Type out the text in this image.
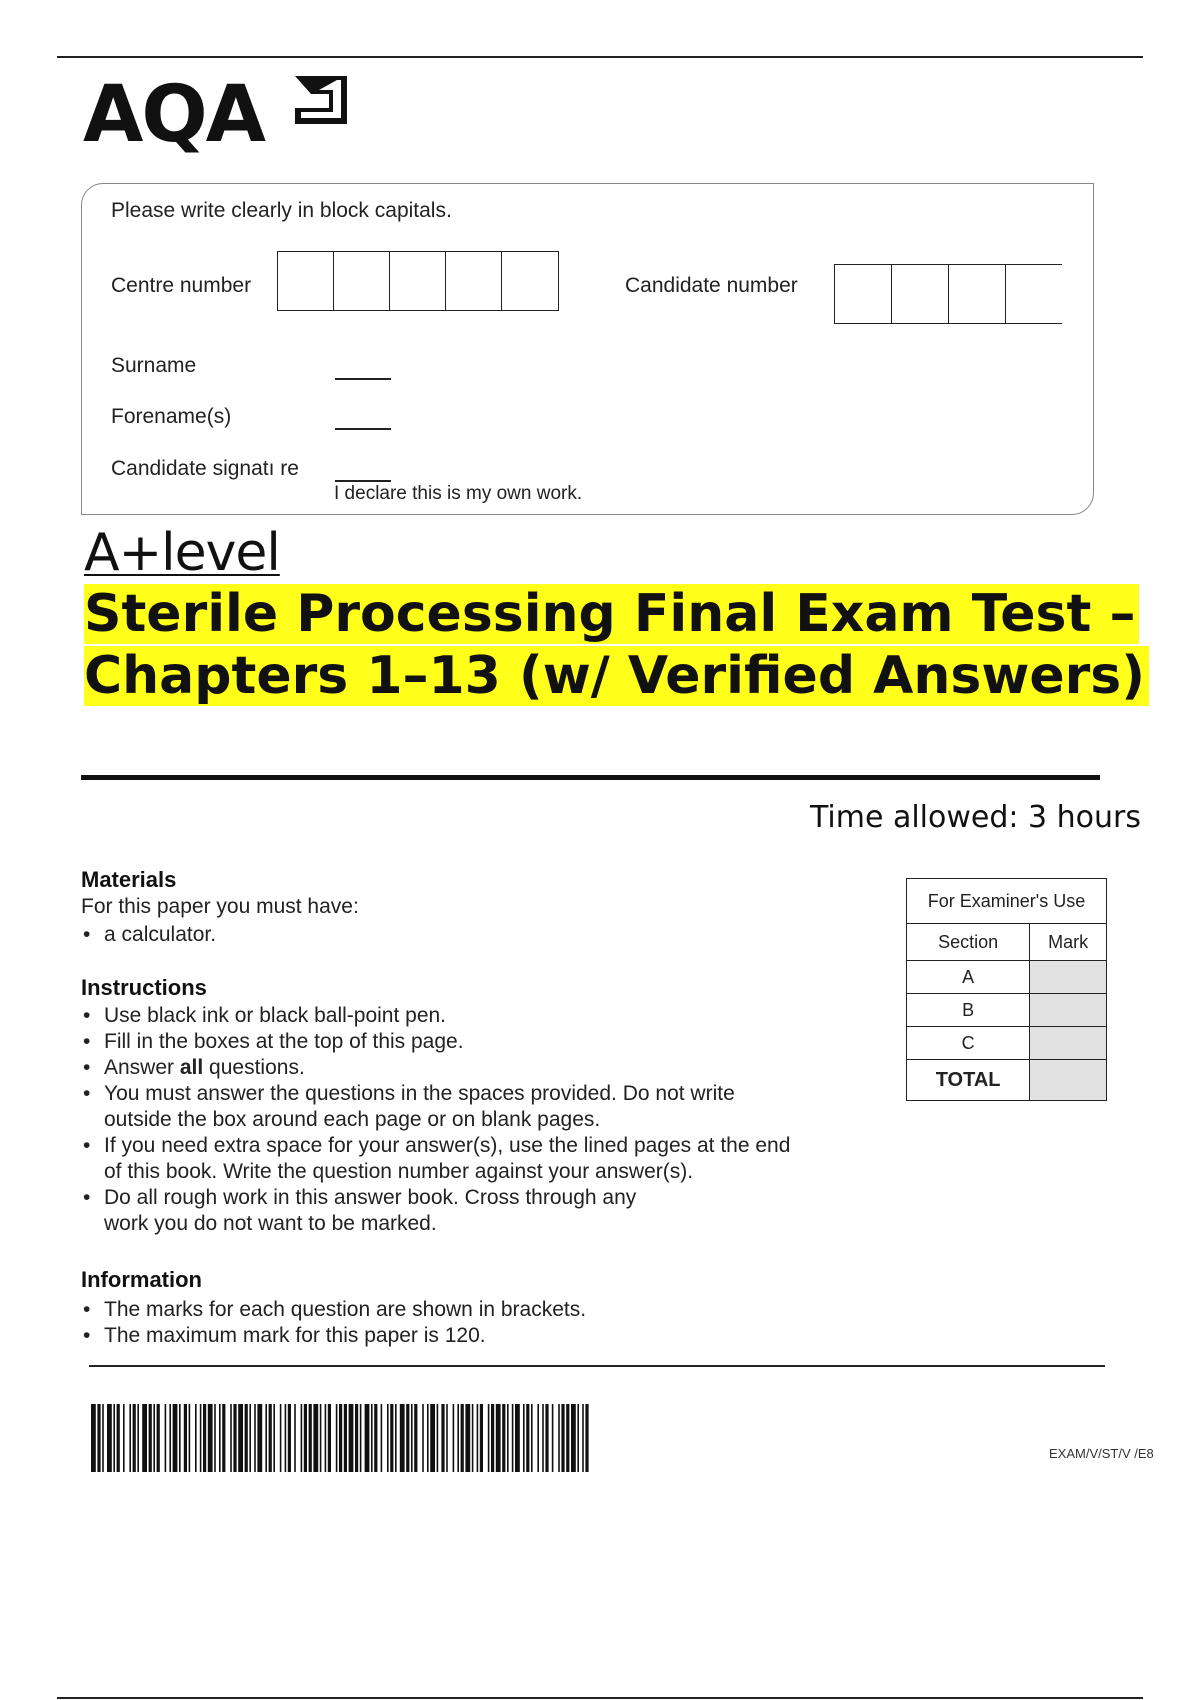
AQA
Please write clearly in block capitals.
Centre number	Candidate number
Surname
Forename(s)
Candidate signatı re
I declare this is my own work.
A+level
Sterile Processing Final Exam Test –
Chapters 1–13 (w/ Verified Answers)
Time allowed: 3 hours
Materials
For this paper you must have:
• a calculator.
Instructions
• Use black ink or black ball-point pen.
• Fill in the boxes at the top of this page.
• Answer all questions.
• You must answer the questions in the spaces provided. Do not write
outside the box around each page or on blank pages.
• If you need extra space for your answer(s), use the lined pages at the end
of this book. Write the question number against your answer(s).
• Do all rough work in this answer book. Cross through any
work you do not want to be marked.
Information
• The marks for each question are shown in brackets.
• The maximum mark for this paper is 120.
For Examiner's Use	
Section	Mark
A	
B	
C	
TOTAL	
EXAM/V/ST/V /E8
